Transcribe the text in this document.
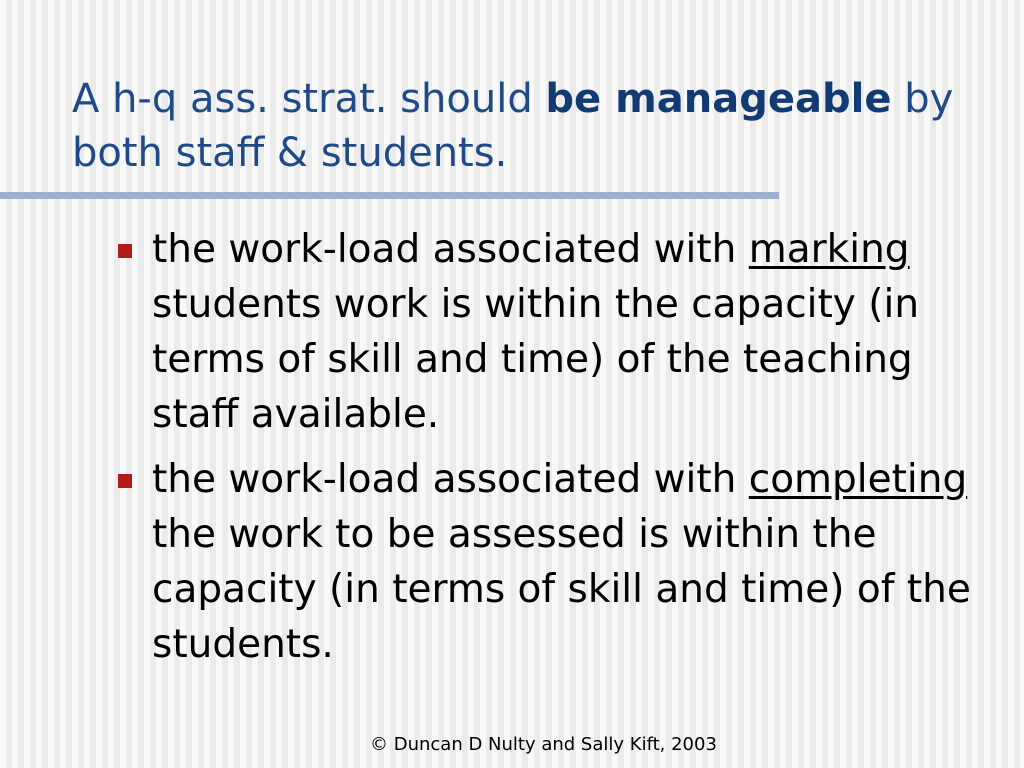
A h-q ass. strat. should be manageable by both staff & students.
the work-load associated with marking students work is within the capacity (in terms of skill and time) of the teaching staff available.
the work-load associated with completing the work to be assessed is within the capacity (in terms of skill and time) of the students.
© Duncan D Nulty and Sally Kift, 2003
